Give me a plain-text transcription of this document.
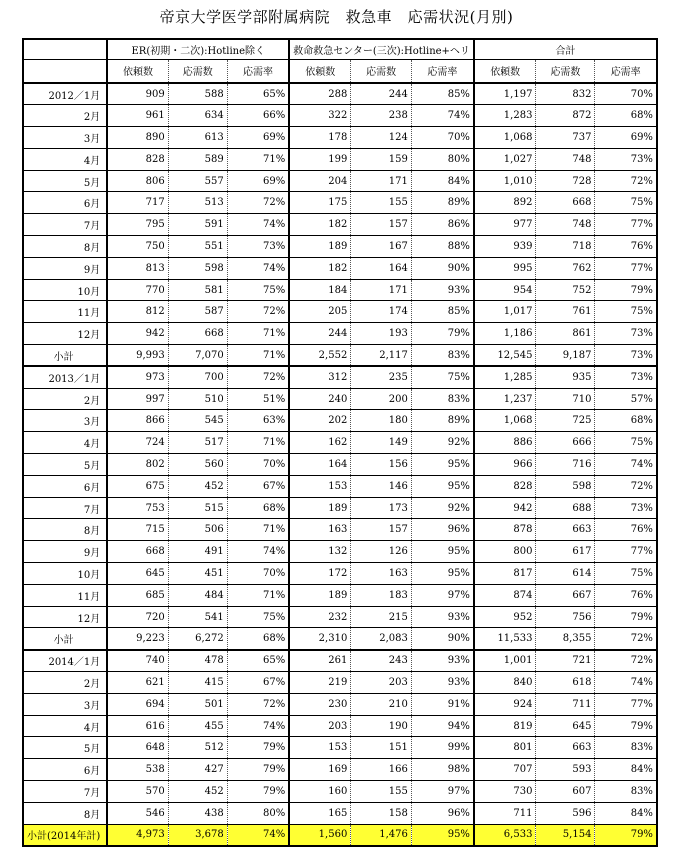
帝京大学医学部附属病院　救急車　応需状況(月別)
	ER(初期・二次):Hotline除く			救命救急センター(三次):Hotline+ヘリ			合計		
	依頼数	応需数	応需率	依頼数	応需数	応需率	依頼数	応需数	応需率
2012／1月	909	588	65%	288	244	85%	1,197	832	70%
2月	961	634	66%	322	238	74%	1,283	872	68%
3月	890	613	69%	178	124	70%	1,068	737	69%
4月	828	589	71%	199	159	80%	1,027	748	73%
5月	806	557	69%	204	171	84%	1,010	728	72%
6月	717	513	72%	175	155	89%	892	668	75%
7月	795	591	74%	182	157	86%	977	748	77%
8月	750	551	73%	189	167	88%	939	718	76%
9月	813	598	74%	182	164	90%	995	762	77%
10月	770	581	75%	184	171	93%	954	752	79%
11月	812	587	72%	205	174	85%	1,017	761	75%
12月	942	668	71%	244	193	79%	1,186	861	73%
小計	9,993	7,070	71%	2,552	2,117	83%	12,545	9,187	73%
2013／1月	973	700	72%	312	235	75%	1,285	935	73%
2月	997	510	51%	240	200	83%	1,237	710	57%
3月	866	545	63%	202	180	89%	1,068	725	68%
4月	724	517	71%	162	149	92%	886	666	75%
5月	802	560	70%	164	156	95%	966	716	74%
6月	675	452	67%	153	146	95%	828	598	72%
7月	753	515	68%	189	173	92%	942	688	73%
8月	715	506	71%	163	157	96%	878	663	76%
9月	668	491	74%	132	126	95%	800	617	77%
10月	645	451	70%	172	163	95%	817	614	75%
11月	685	484	71%	189	183	97%	874	667	76%
12月	720	541	75%	232	215	93%	952	756	79%
小計	9,223	6,272	68%	2,310	2,083	90%	11,533	8,355	72%
2014／1月	740	478	65%	261	243	93%	1,001	721	72%
2月	621	415	67%	219	203	93%	840	618	74%
3月	694	501	72%	230	210	91%	924	711	77%
4月	616	455	74%	203	190	94%	819	645	79%
5月	648	512	79%	153	151	99%	801	663	83%
6月	538	427	79%	169	166	98%	707	593	84%
7月	570	452	79%	160	155	97%	730	607	83%
8月	546	438	80%	165	158	96%	711	596	84%
小計(2014年計)	4,973	3,678	74%	1,560	1,476	95%	6,533	5,154	79%
